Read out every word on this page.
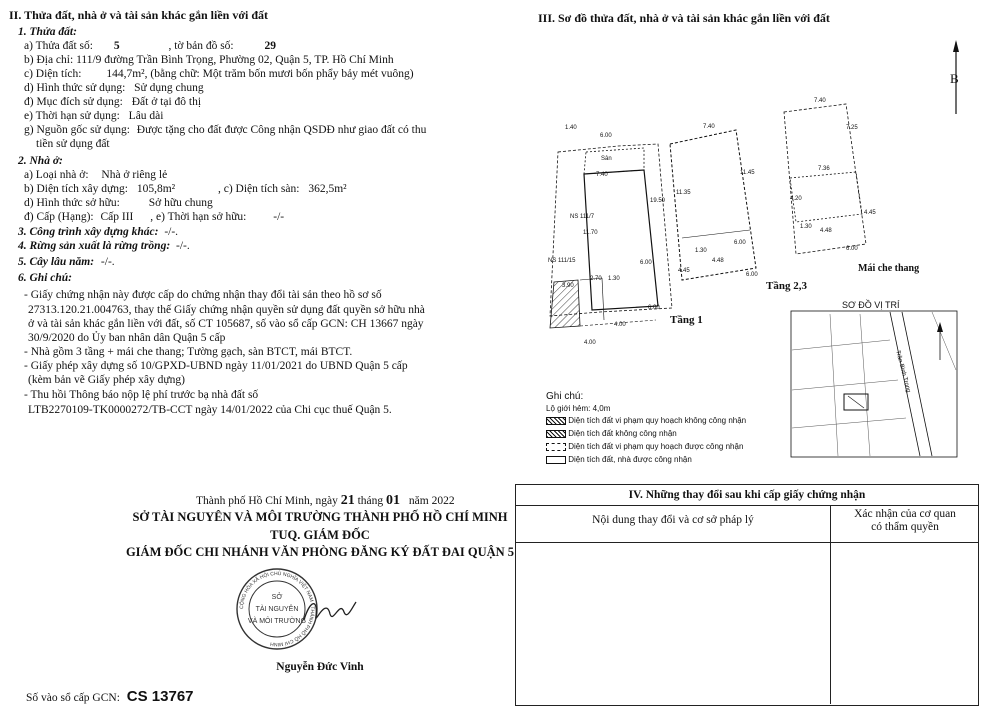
II. Thửa đất, nhà ở và tài sản khác gắn liền với đất
1. Thửa đất:
a) Thửa đất số: 5	, tờ bản đồ số:	29
b) Địa chỉ: 111/9 đường Trần Bình Trọng, Phường 02, Quận 5, TP. Hồ Chí Minh
c) Diện tích: 144,7m², (bằng chữ: Một trăm bốn mươi bốn phẩy bảy mét vuông)
d) Hình thức sử dụng: Sử dụng chung
đ) Mục đích sử dụng: Đất ở tại đô thị
e) Thời hạn sử dụng: Lâu dài
g) Nguồn gốc sử dụng: Được tặng cho đất được Công nhận QSDĐ như giao đất có thu
tiền sử dụng đất
2. Nhà ở:
a) Loại nhà ở: Nhà ở riêng lẻ
b) Diện tích xây dựng: 105,8m²	, c) Diện tích sàn: 362,5m²
d) Hình thức sở hữu:	Sở hữu chung
đ) Cấp (Hạng): Cấp III , e) Thời hạn sở hữu: -/-
3. Công trình xây dựng khác: -/-.
4. Rừng sản xuất là rừng trồng: -/-.
5. Cây lâu năm: -/-.
6. Ghi chú:
- Giấy chứng nhận này được cấp do chứng nhận thay đổi tài sản theo hồ sơ số
27313.120.21.004763, thay thế Giấy chứng nhận quyền sử dụng đất quyền sở hữu nhà
ở và tài sản khác gắn liền với đất, số CT 105687, số vào sổ cấp GCN: CH 13667 ngày
30/9/2020 do Ủy ban nhân dân Quận 5 cấp
- Nhà gồm 3 tầng + mái che thang; Tường gạch, sàn BTCT, mái BTCT.
- Giấy phép xây dựng số 10/GPXD-UBND ngày 11/01/2021 do UBND Quận 5 cấp
(kèm bản vẽ Giấy phép xây dựng)
- Thu hồi Thông báo nộp lệ phí trước bạ nhà đất số
LTB2270109-TK0000272/TB-CCT ngày 14/01/2022 của Chi cục thuế Quận 5.
III. Sơ đồ thửa đất, nhà ở và tài sản khác gắn liền với đất
B
1.40
6.00
7.40
Sân
11.70
19.50
4.45
2.70 1.30
6.00
3.90
4.00
4.00
6.00
NS 111/15
NS 111/7
Tầng 1
7.40
11.35
11.45
1.30
4.48
6.00
6.00
Tầng 2,3
7.40
7.25
7.36
4.20
4.48
1.30
4.45
6.00
Mái che thang
SƠ ĐỒ VỊ TRÍ
Trần Bình Trọng
Ghi chú:
Lộ giới hẻm: 4,0m
Diện tích đất vi phạm quy hoạch không công nhận
Diện tích đất không công nhận
Diện tích đất vi phạm quy hoạch được công nhận
Diện tích đất, nhà được công nhận
Thành phố Hồ Chí Minh, ngày 21 tháng 01 năm 2022
SỞ TÀI NGUYÊN VÀ MÔI TRƯỜNG THÀNH PHỐ HỒ CHÍ MINH
TUQ. GIÁM ĐỐC
GIÁM ĐỐC CHI NHÁNH VĂN PHÒNG ĐĂNG KÝ ĐẤT ĐAI QUẬN 5
CỘNG HÒA XÃ HỘI CHỦ NGHĨA VIỆT NAM · THÀNH PHỐ HỒ CHÍ MINH
SỞ
TÀI NGUYÊN
VÀ MÔI TRƯỜNG
Nguyễn Đức Vinh
Số vào sổ cấp GCN: CS 13767
IV. Những thay đổi sau khi cấp giấy chứng nhận
Nội dung thay đổi và cơ sở pháp lý	Xác nhận của cơ quan
có thẩm quyền
